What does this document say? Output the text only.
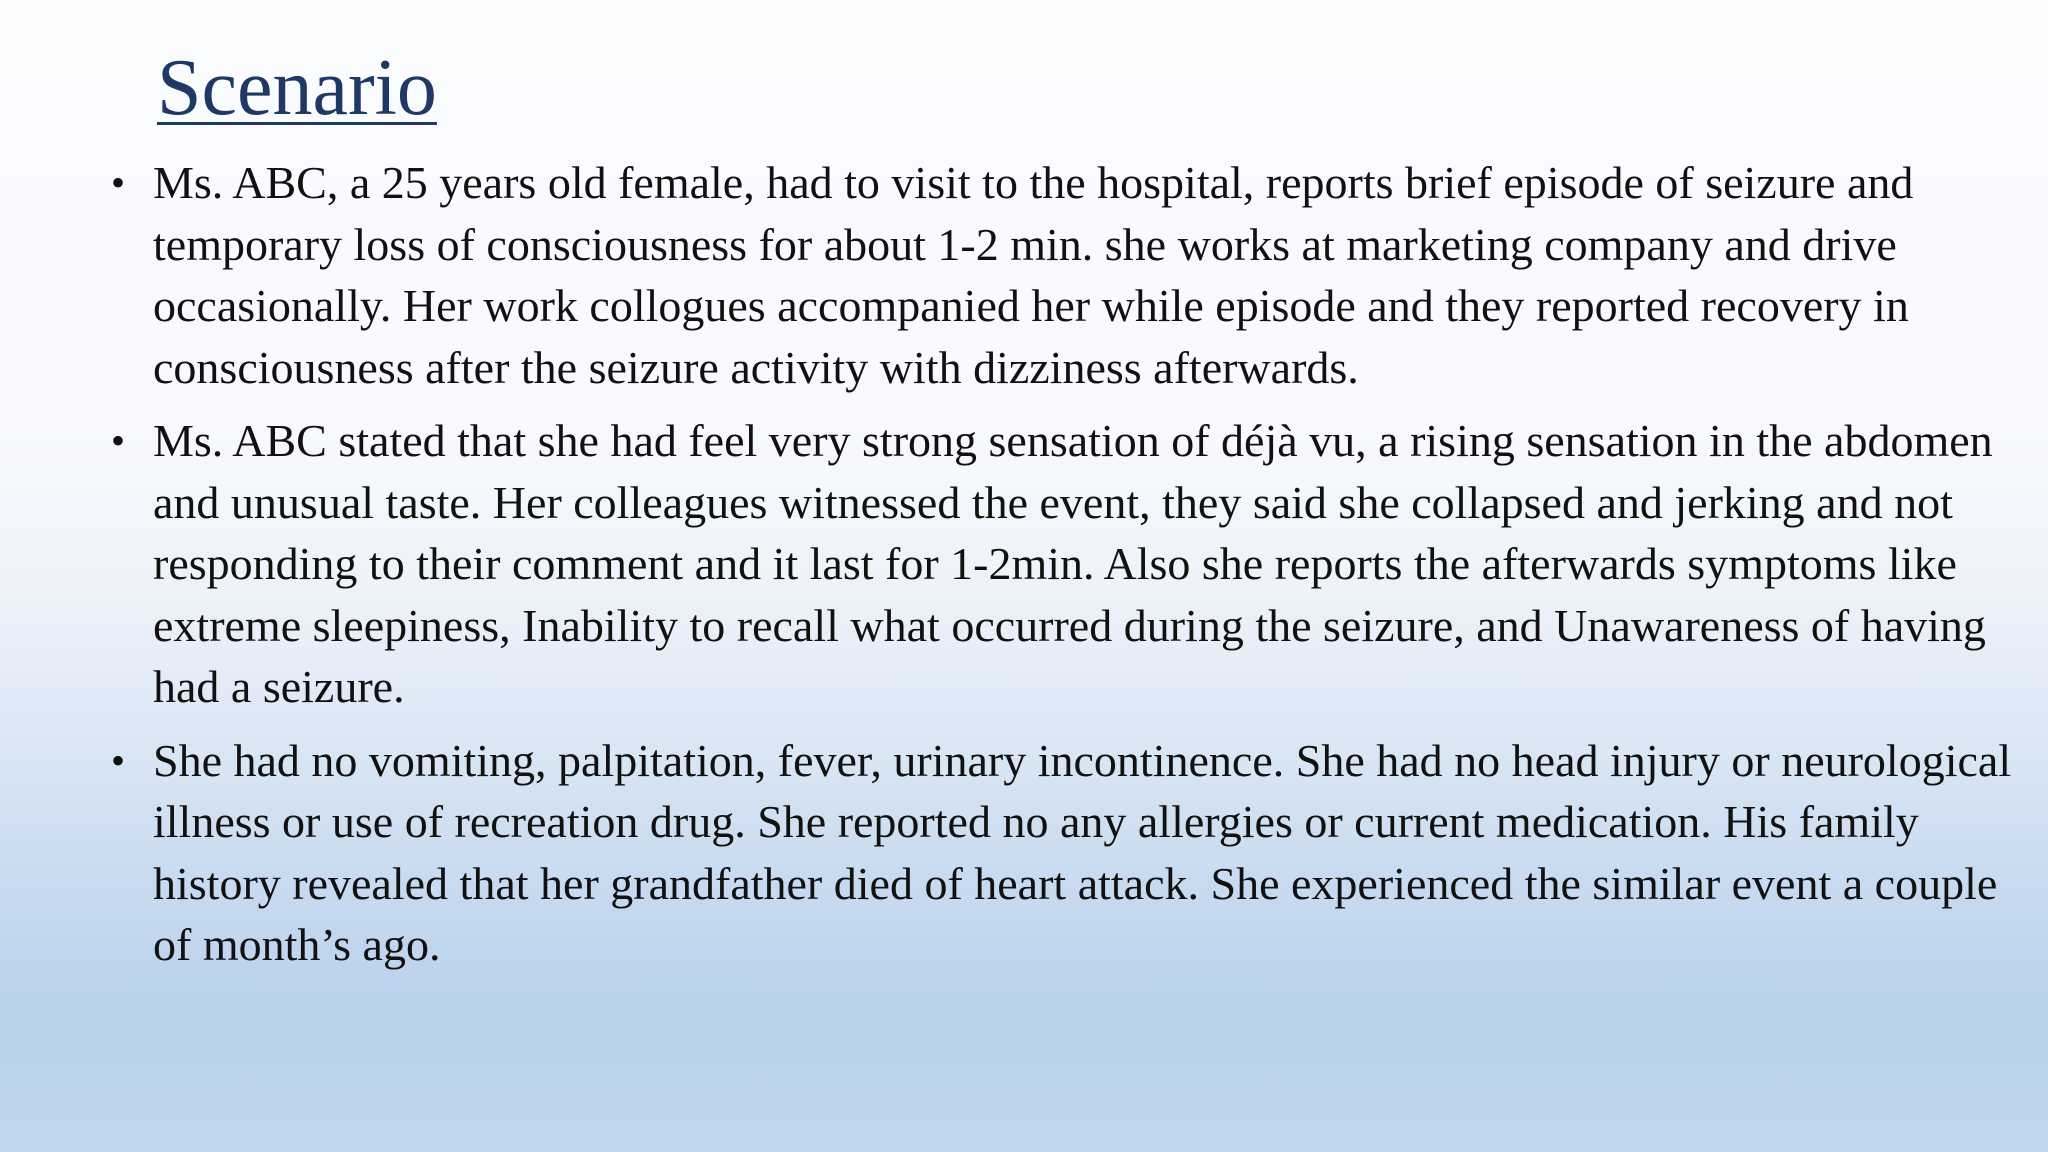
Scenario
• Ms. ABC, a 25 years old female, had to visit to the hospital, reports brief episode of seizure and temporary loss of consciousness for about 1-2 min. she works at marketing company and drive occasionally. Her work collogues accompanied her while episode and they reported recovery in consciousness after the seizure activity with dizziness afterwards.
• Ms. ABC stated that she had feel very strong sensation of déjà vu, a rising sensation in the abdomen and unusual taste. Her colleagues witnessed the event, they said she collapsed and jerking and not responding to their comment and it last for 1-2min. Also she reports the afterwards symptoms like extreme sleepiness, Inability to recall what occurred during the seizure, and Unawareness of having had a seizure.
• She had no vomiting, palpitation, fever, urinary incontinence. She had no head injury or neurological illness or use of recreation drug. She reported no any allergies or current medication. His family history revealed that her grandfather died of heart attack. She experienced the similar event a couple of month’s ago.
